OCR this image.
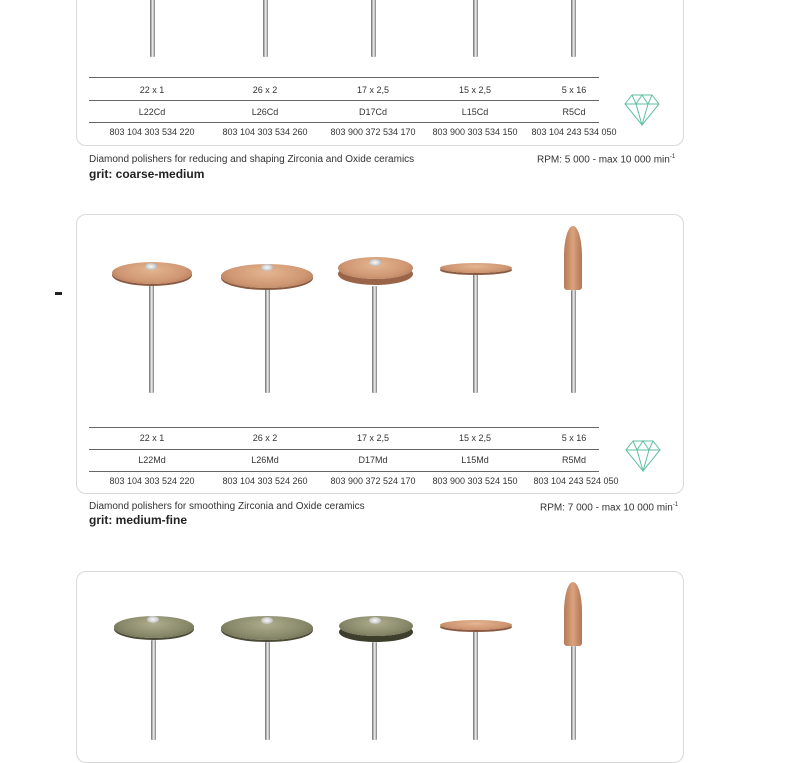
22 x 1	26 x 2	17 x 2,5	15 x 2,5	5 x 16
L22Cd	L26Cd	D17Cd	L15Cd	R5Cd
803 104 303 534 220	803 104 303 534 260	803 900 372 534 170	803 900 303 534 150	803 104 243 534 050
Diamond polishers for reducing and shaping Zirconia and Oxide ceramics
grit: coarse-medium
RPM: 5 000 - max 10 000 $\min^{-1}$
22 x 1	26 x 2	17 x 2,5	15 x 2,5	5 x 16
L22Md	L26Md	D17Md	L15Md	R5Md
803 104 303 524 220	803 104 303 524 260	803 900 372 524 170	803 900 303 524 150	803 104 243 524 050
Diamond polishers for smoothing Zirconia and Oxide ceramics
grit: medium-fine
RPM: 7 000 - max 10 000 $\min^{-1}$
